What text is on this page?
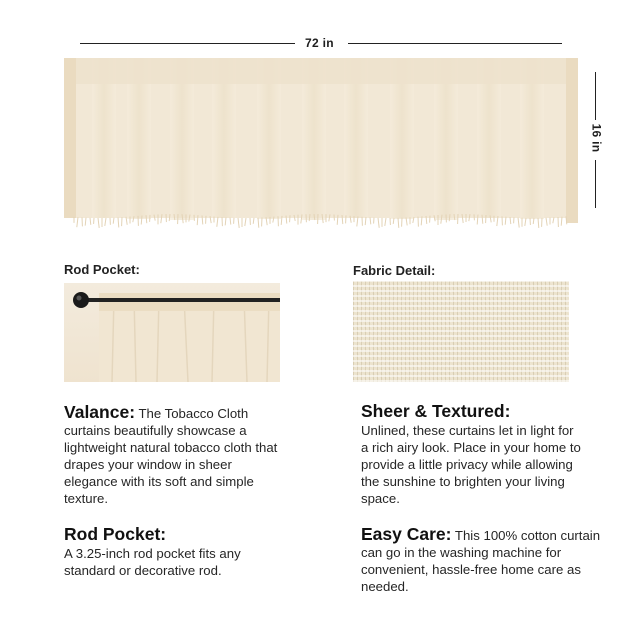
72 in
16 in
Rod Pocket:	Fabric Detail:
Valance: The Tobacco Cloth curtains beautifully showcase a lightweight natural tobacco cloth that drapes your window in sheer elegance with its soft and simple texture.
Rod Pocket:
A 3.25-inch rod pocket fits any standard or decorative rod.
Sheer & Textured:
Unlined, these curtains let in light for a rich airy look. Place in your home to provide a little privacy while allowing the sunshine to brighten your living space.
Easy Care: This 100% cotton curtain can go in the washing machine for convenient, hassle-free home care as needed.
